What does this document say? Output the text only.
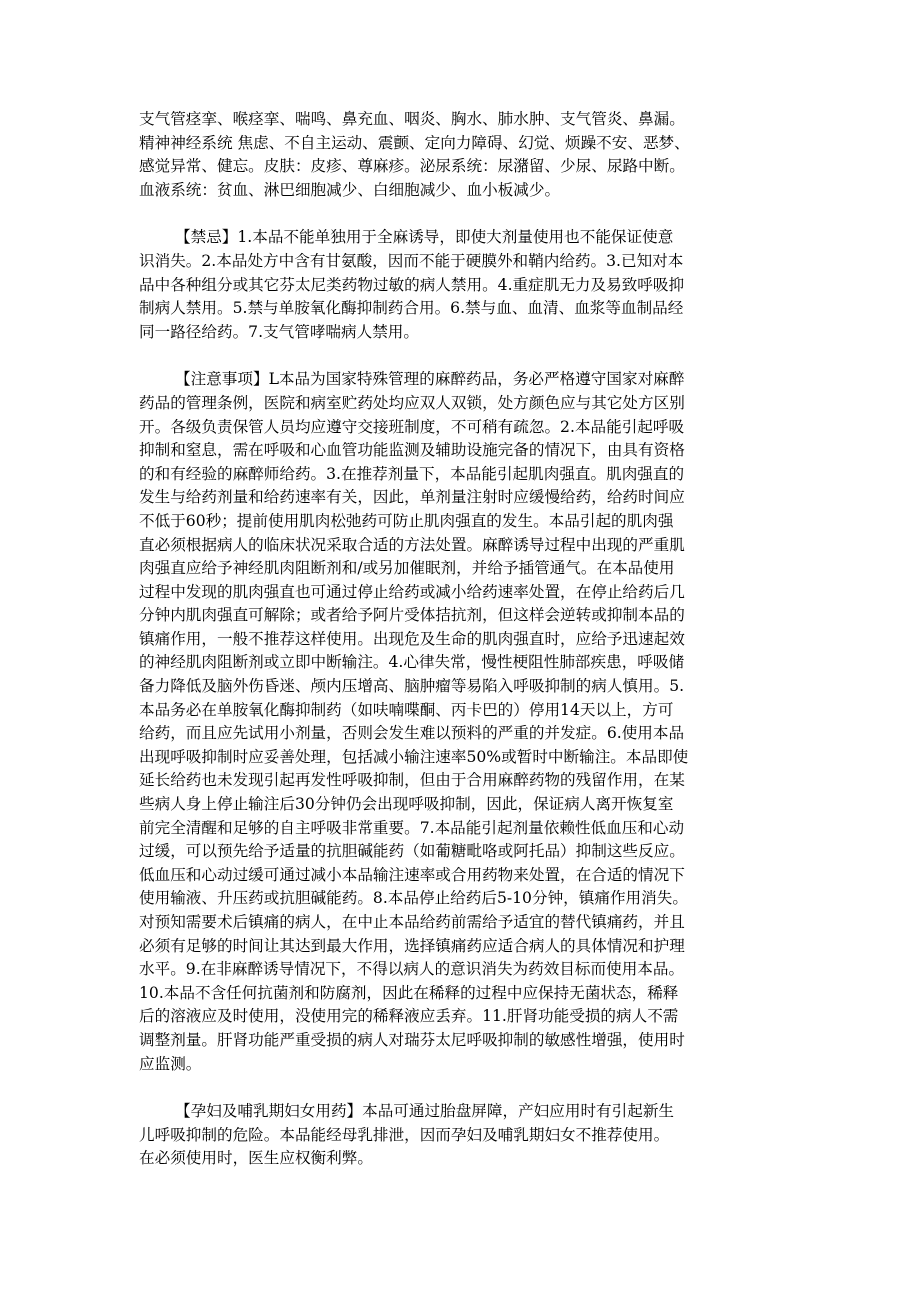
支气管痉挛、喉痉挛、喘鸣、鼻充血、咽炎、胸水、肺水肿、支气管炎、鼻漏。

精神神经系统 焦虑、不自主运动、震颤、定向力障碍、幻觉、烦躁不安、恶梦、

感觉异常、健忘。皮肤：皮疹、尊麻疹。泌尿系统：尿潴留、少尿、尿路中断。

血液系统：贫血、淋巴细胞减少、白细胞减少、血小板减少。

【禁忌】1.本品不能单独用于全麻诱导，即使大剂量使用也不能保证使意

识消失。2.本品处方中含有甘氨酸，因而不能于硬膜外和鞘内给药。3.已知对本

品中各种组分或其它芬太尼类药物过敏的病人禁用。4.重症肌无力及易致呼吸抑

制病人禁用。5.禁与单胺氧化酶抑制药合用。6.禁与血、血清、血浆等血制品经

同一路径给药。7.支气管哮喘病人禁用。

【注意事项】L本品为国家特殊管理的麻醉药品，务必严格遵守国家对麻醉

药品的管理条例，医院和病室贮药处均应双人双锁，处方颜色应与其它处方区别

开。各级负责保管人员均应遵守交接班制度，不可稍有疏忽。2.本品能引起呼吸

抑制和窒息，需在呼吸和心血管功能监测及辅助设施完备的情况下，由具有资格

的和有经验的麻醉师给药。3.在推荐剂量下，本品能引起肌肉强直。肌肉强直的

发生与给药剂量和给药速率有关，因此，单剂量注射时应缓慢给药，给药时间应

不低于60秒；提前使用肌肉松弛药可防止肌肉强直的发生。本品引起的肌肉强

直必须根据病人的临床状况采取合适的方法处置。麻醉诱导过程中出现的严重肌

肉强直应给予神经肌肉阻断剂和/或另加催眠剂，并给予插管通气。在本品使用

过程中发现的肌肉强直也可通过停止给药或减小给药速率处置，在停止给药后几

分钟内肌肉强直可解除；或者给予阿片受体拮抗剂，但这样会逆转或抑制本品的

镇痛作用，一般不推荐这样使用。出现危及生命的肌肉强直时，应给予迅速起效

的神经肌肉阻断剂或立即中断输注。4.心律失常，慢性梗阻性肺部疾患，呼吸储

备力降低及脑外伤昏迷、颅内压增高、脑肿瘤等易陷入呼吸抑制的病人慎用。5.

本品务必在单胺氧化酶抑制药（如呋喃喋酮、丙卡巴的）停用14天以上，方可

给药，而且应先试用小剂量，否则会发生难以预料的严重的并发症。6.使用本品

出现呼吸抑制时应妥善处理，包括减小输注速率50%或暂时中断输注。本品即使

延长给药也未发现引起再发性呼吸抑制，但由于合用麻醉药物的残留作用，在某

些病人身上停止输注后30分钟仍会出现呼吸抑制，因此，保证病人离开恢复室

前完全清醒和足够的自主呼吸非常重要。7.本品能引起剂量依赖性低血压和心动

过缓，可以预先给予适量的抗胆碱能药（如葡糖毗咯或阿托品）抑制这些反应。

低血压和心动过缓可通过减小本品输注速率或合用药物来处置，在合适的情况下

使用输液、升压药或抗胆碱能药。8.本品停止给药后5-10分钟，镇痛作用消失。

对预知需要术后镇痛的病人，在中止本品给药前需给予适宜的替代镇痛药，并且

必须有足够的时间让其达到最大作用，选择镇痛药应适合病人的具体情况和护理

水平。9.在非麻醉诱导情况下，不得以病人的意识消失为药效目标而使用本品。

10.本品不含任何抗菌剂和防腐剂，因此在稀释的过程中应保持无菌状态，稀释

后的溶液应及时使用，没使用完的稀释液应丢弃。11.肝肾功能受损的病人不需

调整剂量。肝肾功能严重受损的病人对瑞芬太尼呼吸抑制的敏感性增强，使用时

应监测。

【孕妇及哺乳期妇女用药】本品可通过胎盘屏障，产妇应用时有引起新生

儿呼吸抑制的危险。本品能经母乳排泄，因而孕妇及哺乳期妇女不推荐使用。

在必须使用时，医生应权衡利弊。
